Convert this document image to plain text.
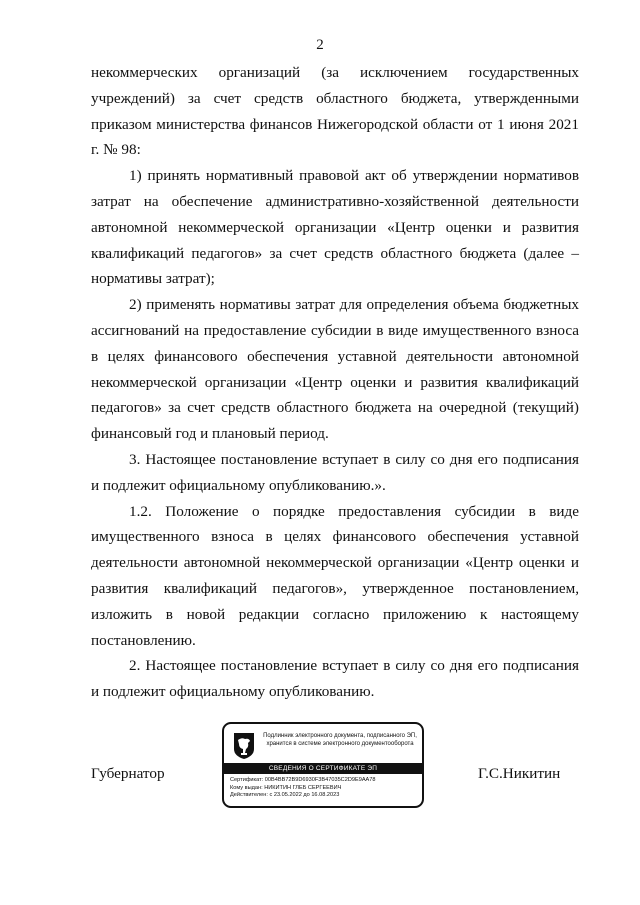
2

некоммерческих организаций (за исключением государственных учреждений) за счет средств областного бюджета, утвержденными приказом министерства финансов Нижегородской области от 1 июня 2021 г. № 98:

1) принять нормативный правовой акт об утверждении нормативов затрат на обеспечение административно-хозяйственной деятельности автономной некоммерческой организации «Центр оценки и развития квалификаций педагогов» за счет средств областного бюджета (далее – нормативы затрат);

2) применять нормативы затрат для определения объема бюджетных ассигнований на предоставление субсидии в виде имущественного взноса в целях финансового обеспечения уставной деятельности автономной некоммерческой организации «Центр оценки и развития квалификаций педагогов» за счет средств областного бюджета на очередной (текущий) финансовый год и плановый период.

3. Настоящее постановление вступает в силу со дня его подписания и подлежит официальному опубликованию.».

1.2. Положение о порядке предоставления субсидии в виде имущественного взноса в целях финансового обеспечения уставной деятельности автономной некоммерческой организации «Центр оценки и развития квалификаций педагогов», утвержденное постановлением, изложить в новой редакции согласно приложению к настоящему постановлению.

2. Настоящее постановление вступает в силу со дня его подписания и подлежит официальному опубликованию.

Губернатор
Подлинник электронного документа, подписанного ЭП, хранится в системе электронного документооборота
СВЕДЕНИЯ О СЕРТИФИКАТЕ ЭП
Сертификат: 00B4BB72B9D6930F3B47035C2D9E9AA78
Кому выдан: НИКИТИН ГЛЕБ СЕРГЕЕВИЧ
Действителен: с 23.05.2022 до 16.08.2023
Г.С.Никитин
